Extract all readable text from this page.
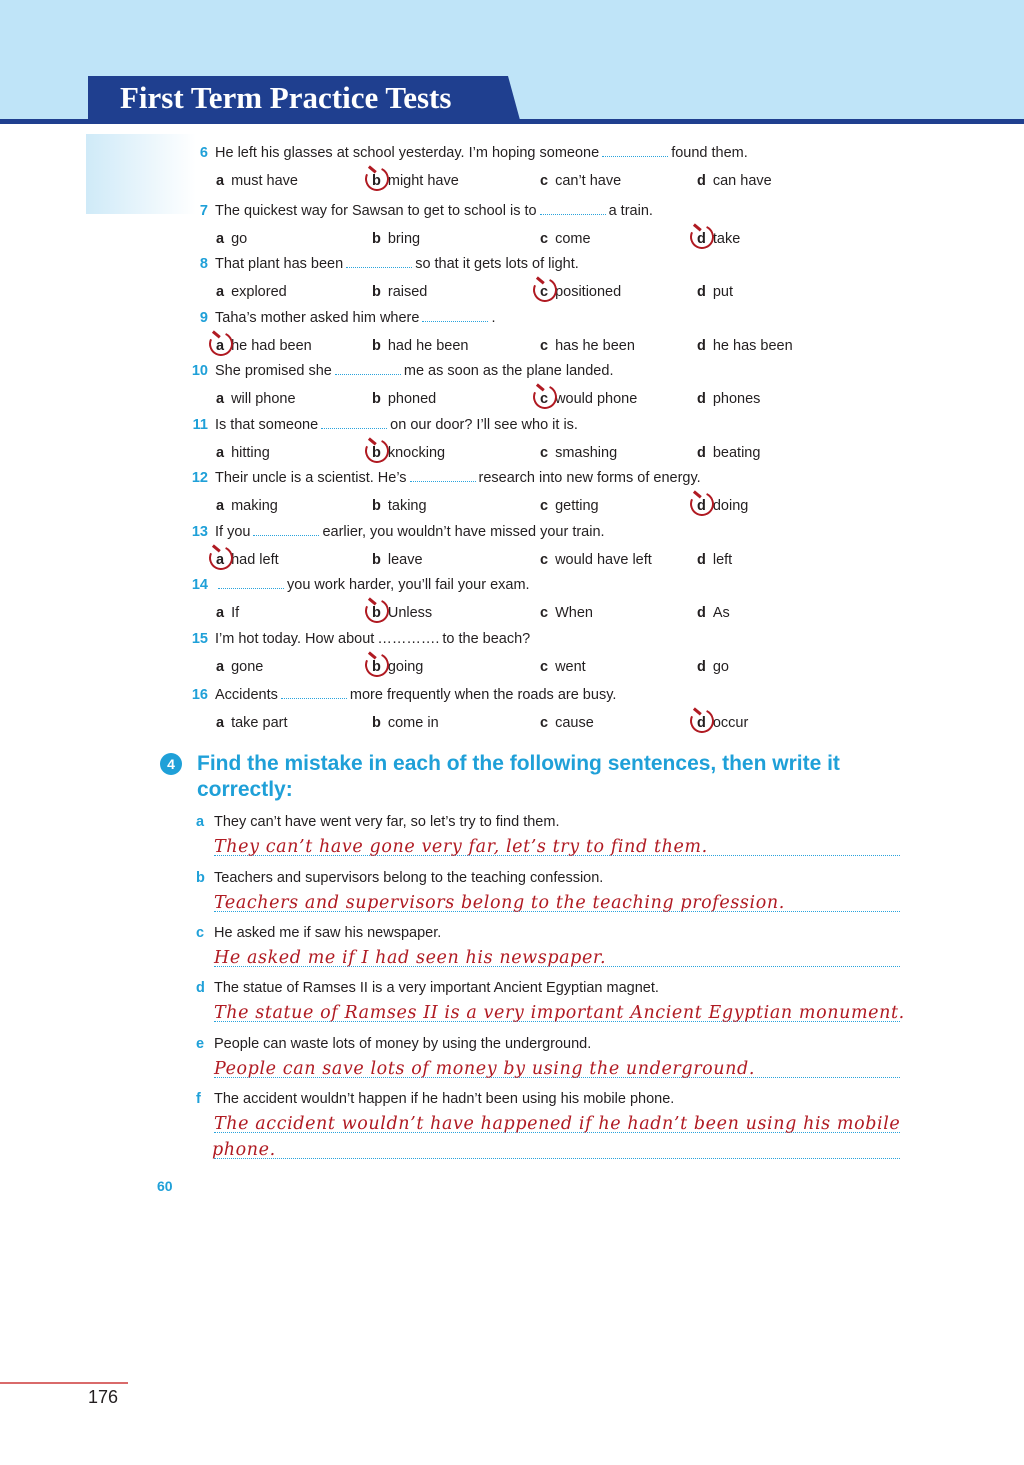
First Term Practice Tests
6 He left his glasses at school yesterday. I’m hoping someone	found them.
a must have	b might have	c can’t have	d can have
7 The quickest way for Sawsan to get to school is to	a train.
a go	b bring	c come	d take
8 That plant has been	so that it gets lots of light.
a explored	b raised	c positioned	d put
9 Taha’s mother asked him where	.
a he had been	b had he been	c has he been	d he has been
10 She promised she	me as soon as the plane landed.
a will phone	b phoned	c would phone	d phones
11 Is that someone	on our door? I’ll see who it is.
a hitting	b knocking	c smashing	d beating
12 Their uncle is a scientist. He’s	research into new forms of energy.
a making	b taking	c getting	d doing
13 If you	earlier, you wouldn’t have missed your train.
a had left	b leave	c would have left	d left
14	you work harder, you’ll fail your exam.
a If	b Unless	c When	d As
15 I’m hot today. How about …………. to the beach?
a gone	b going	c went	d go
16 Accidents	more frequently when the roads are busy.
a take part	b come in	c cause	d occur
4	Find the mistake in each of the following sentences, then write it correctly:
a They can’t have went very far, so let’s try to find them.
They can’t have gone very far, let’s try to find them.
b Teachers and supervisors belong to the teaching confession.
Teachers and supervisors belong to the teaching profession.
c He asked me if saw his newspaper.
He asked me if I had seen his newspaper.
d The statue of Ramses II is a very important Ancient Egyptian magnet.
The statue of Ramses II is a very important Ancient Egyptian monument.
e People can waste lots of money by using the underground.
People can save lots of money by using the underground.
f The accident wouldn’t happen if he hadn’t been using his mobile phone.
The accident wouldn’t have happened if he hadn’t been using his mobile
phone.
60
176
